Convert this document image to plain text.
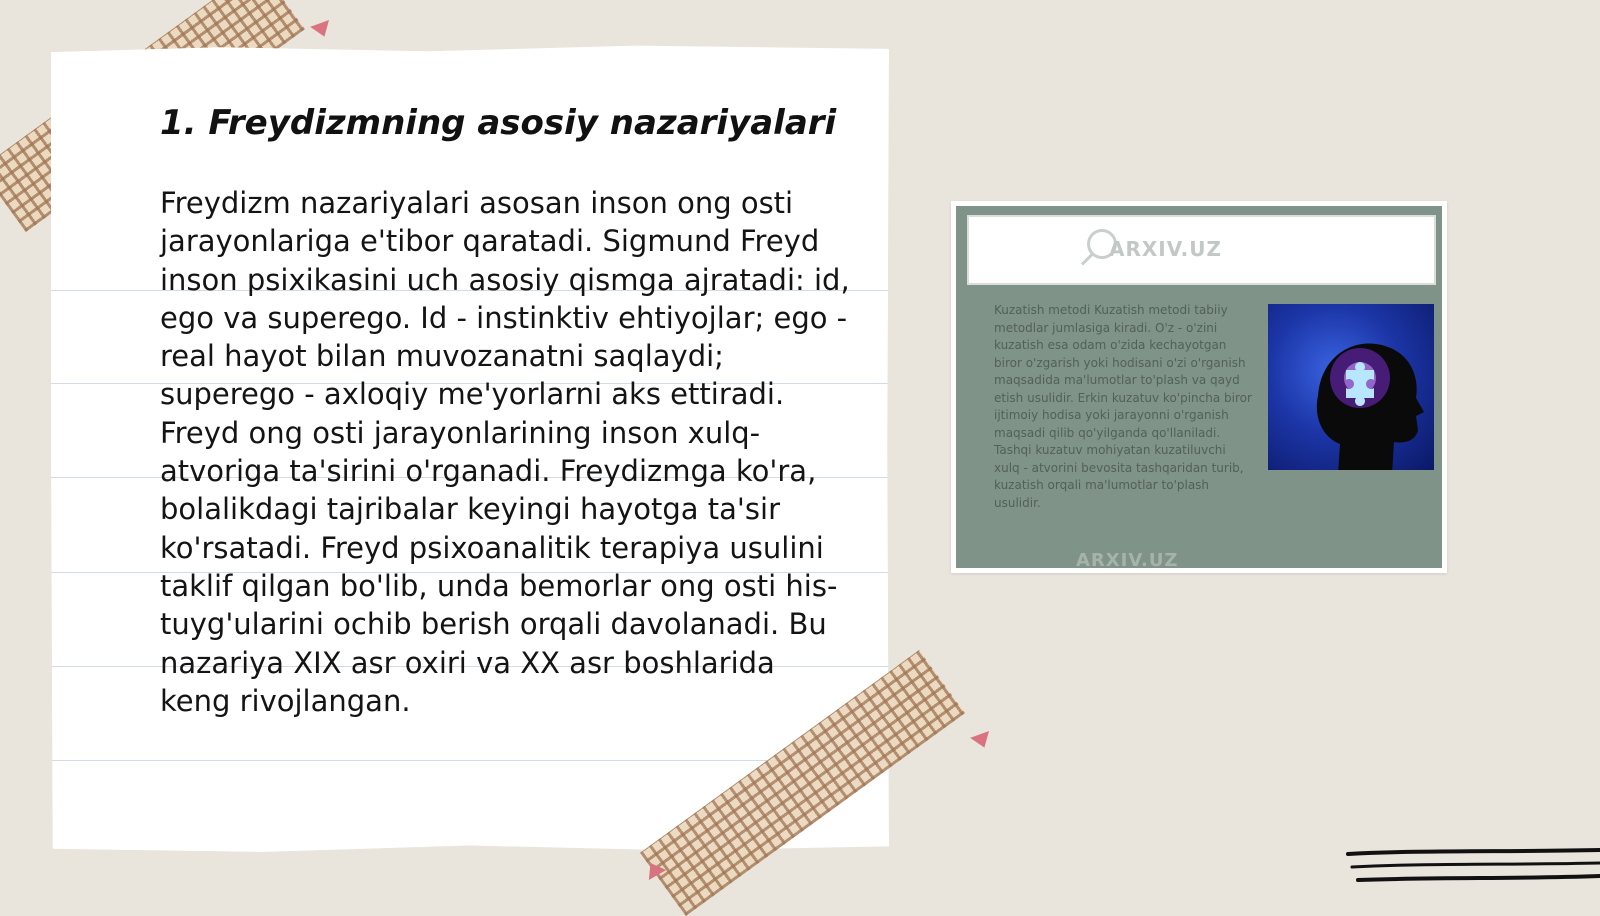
1. Freydizmning asosiy nazariyalari

Freydizm nazariyalari asosan inson ong osti jarayonlariga e'tibor qaratadi. Sigmund Freyd inson psixikasini uch asosiy qismga ajratadi: id, ego va superego. Id - instinktiv ehtiyojlar; ego - real hayot bilan muvozanatni saqlaydi; superego - axloqiy me'yorlarni aks ettiradi. Freyd ong osti jarayonlarining inson xulq-atvoriga ta'sirini o'rganadi. Freydizmga ko'ra, bolalikdagi tajribalar keyingi hayotga ta'sir ko'rsatadi. Freyd psixoanalitik terapiya usulini taklif qilgan bo'lib, unda bemorlar ong osti his-tuyg'ularini ochib berish orqali davolanadi. Bu nazariya XIX asr oxiri va XX asr boshlarida keng rivojlangan.

ARXIV.UZ
Kuzatish metodi Kuzatish metodi tabiiy metodlar jumlasiga kiradi. O'z - o'zini kuzatish esa odam o'zida kechayotgan biror o'zgarish yoki hodisani o'zi o'rganish maqsadida ma'lumotlar to'plash va qayd etish usulidir. Erkin kuzatuv ko'pincha biror ijtimoiy hodisa yoki jarayonni o'rganish maqsadi qilib qo'yilganda qo'llaniladi. Tashqi kuzatuv mohiyatan kuzatiluvchi xulq - atvorini bevosita tashqaridan turib, kuzatish orqali ma'lumotlar to'plash usulidir.
ARXIV.UZ
